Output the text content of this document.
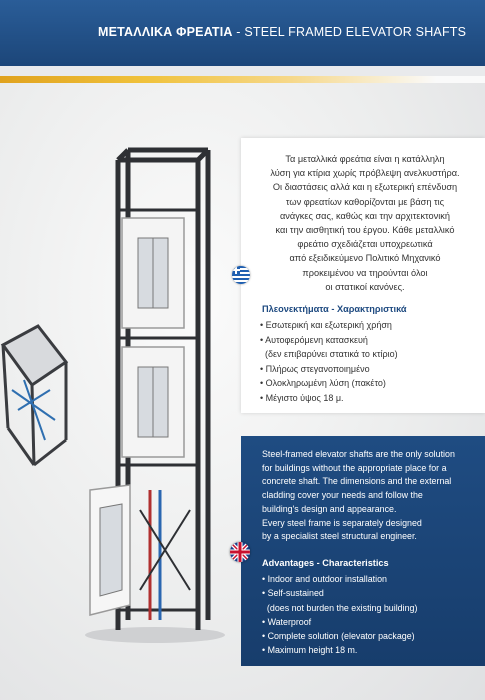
ΜΕΤΑΛΛΙΚΑ ΦΡΕΑΤΙΑ - STEEL FRAMED ELEVATOR SHAFTS
Τα μεταλλικά φρεάτια είναι η κατάλληλη
λύση για κτίρια χωρίς πρόβλεψη ανελκυστήρα.
Οι διαστάσεις αλλά και η εξωτερική επένδυση
των φρεατίων καθορίζονται με βάση τις
ανάγκες σας, καθώς και την αρχιτεκτονική
και την αισθητική του έργου. Κάθε μεταλλικό
φρεάτιο σχεδιάζεται υποχρεωτικά
από εξειδικεύμενο Πολιτικό Μηχανικό
προκειμένου να τηρούνται όλοι
οι στατικοί κανόνες.
Πλεονεκτήματα - Χαρακτηριστικά
• Εσωτερική και εξωτερική χρήση
• Αυτοφερόμενη κατασκευή
(δεν επιβαρύνει στατικά το κτίριο)
• Πλήρως στεγανοποιημένο
• Ολοκληρωμένη λύση (πακέτο)
• Μέγιστο ύψος 18 μ.
Steel-framed elevator shafts are the only solution
for buildings without the appropriate place for a
concrete shaft. The dimensions and the external
cladding cover your needs and follow the
building's design and appearance.
Every steel frame is separately designed
by a specialist steel structural engineer.
Advantages - Characteristics
• Indoor and outdoor installation
• Self-sustained
(does not burden the existing building)
• Waterproof
• Complete solution (elevator package)
• Maximum height 18 m.
